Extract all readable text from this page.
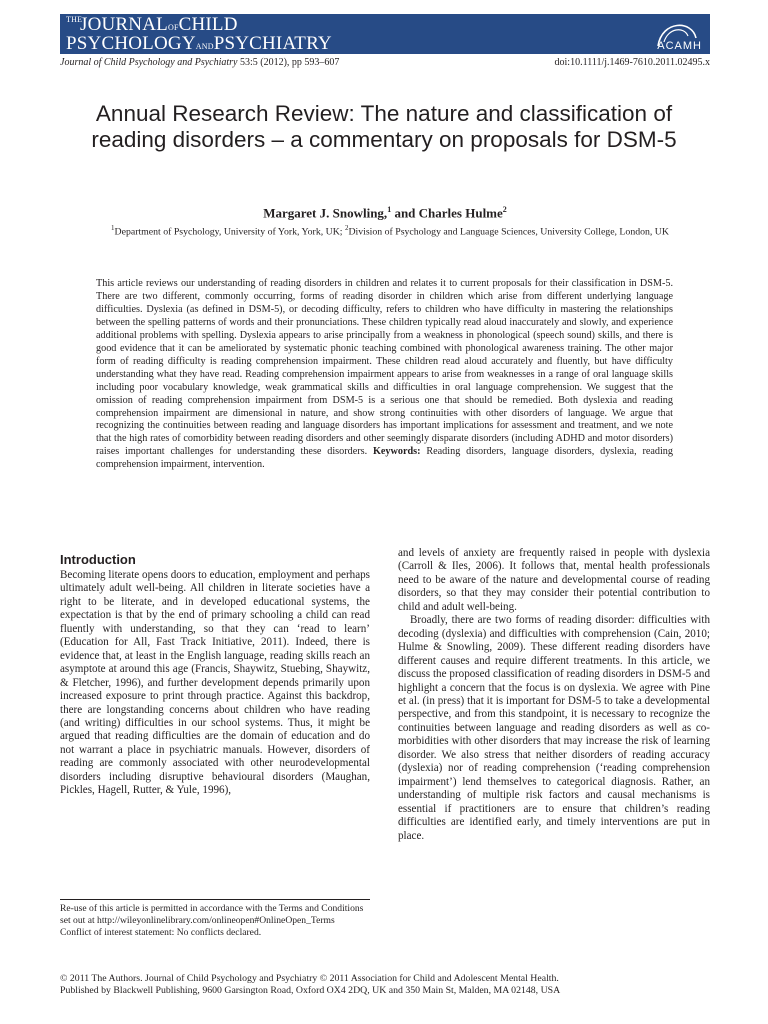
THE
JOURNALOFCHILD
PSYCHOLOGYANDPSYCHIATRY	ACAMH
Journal of Child Psychology and Psychiatry 53:5 (2012), pp 593–607	doi:10.1111/j.1469-7610.2011.02495.x
Annual Research Review: The nature and classification of reading disorders – a commentary on proposals for DSM-5

Margaret J. Snowling,$^1$ and Charles Hulme$^2$

$^1$Department of Psychology, University of York, York, UK; $^2$Division of Psychology and Language Sciences, University College, London, UK

This article reviews our understanding of reading disorders in children and relates it to current proposals for their classification in DSM-5. There are two different, commonly occurring, forms of reading disorder in children which arise from different underlying language difficulties. Dyslexia (as defined in DSM-5), or decoding difficulty, refers to children who have difficulty in mastering the relationships between the spelling patterns of words and their pronunciations. These children typically read aloud inaccurately and slowly, and experience additional problems with spelling. Dyslexia appears to arise principally from a weakness in phonological (speech sound) skills, and there is good evidence that it can be ameliorated by systematic phonic teaching combined with phonological awareness training. The other major form of reading difficulty is reading comprehension impairment. These children read aloud accurately and fluently, but have difficulty understanding what they have read. Reading comprehension impairment appears to arise from weaknesses in a range of oral language skills including poor vocabulary knowledge, weak grammatical skills and difficulties in oral language comprehension. We suggest that the omission of reading comprehension impairment from DSM-5 is a serious one that should be remedied. Both dyslexia and reading comprehension impairment are dimensional in nature, and show strong continuities with other disorders of language. We argue that recognizing the continuities between reading and language disorders has important implications for assessment and treatment, and we note that the high rates of comorbidity between reading disorders and other seemingly disparate disorders (including ADHD and motor disorders) raises important challenges for understanding these disorders. Keywords: Reading disorders, language disorders, dyslexia, reading comprehension impairment, intervention.

Introduction

Becoming literate opens doors to education, employment and perhaps ultimately adult well-being. All children in literate societies have a right to be literate, and in developed educational systems, the expectation is that by the end of primary schooling a child can read fluently with understanding, so that they can ‘read to learn’ (Education for All, Fast Track Initiative, 2011). Indeed, there is evidence that, at least in the English language, reading skills reach an asymptote at around this age (Francis, Shaywitz, Stuebing, Shaywitz, & Fletcher, 1996), and further development depends primarily upon increased exposure to print through practice. Against this backdrop, there are longstanding concerns about children who have reading (and writing) difficulties in our school systems. Thus, it might be argued that reading difficulties are the domain of education and do not warrant a place in psychiatric manuals. However, disorders of reading are commonly associated with other neurodevelopmental disorders including disruptive behavioural disorders (Maughan, Pickles, Hagell, Rutter, & Yule, 1996),

and levels of anxiety are frequently raised in people with dyslexia (Carroll & Iles, 2006). It follows that, mental health professionals need to be aware of the nature and developmental course of reading disorders, so that they may consider their potential contribution to child and adult well-being.

Broadly, there are two forms of reading disorder: difficulties with decoding (dyslexia) and difficulties with comprehension (Cain, 2010; Hulme & Snowling, 2009). These different reading disorders have different causes and require different treatments. In this article, we discuss the proposed classification of reading disorders in DSM-5 and highlight a concern that the focus is on dyslexia. We agree with Pine et al. (in press) that it is important for DSM-5 to take a developmental perspective, and from this standpoint, it is necessary to recognize the continuities between language and reading disorders as well as co-morbidities with other disorders that may increase the risk of learning disorder. We also stress that neither disorders of reading accuracy (dyslexia) nor of reading comprehension (‘reading comprehension impairment’) lend themselves to categorical diagnosis. Rather, an understanding of multiple risk factors and causal mechanisms is essential if practitioners are to ensure that children’s reading difficulties are identified early, and timely interventions are put in place.

Re-use of this article is permitted in accordance with the Terms and Conditions set out at http://wileyonlinelibrary.com/onlineopen#OnlineOpen_Terms

Conflict of interest statement: No conflicts declared.

© 2011 The Authors. Journal of Child Psychology and Psychiatry © 2011 Association for Child and Adolescent Mental Health.

Published by Blackwell Publishing, 9600 Garsington Road, Oxford OX4 2DQ, UK and 350 Main St, Malden, MA 02148, USA
